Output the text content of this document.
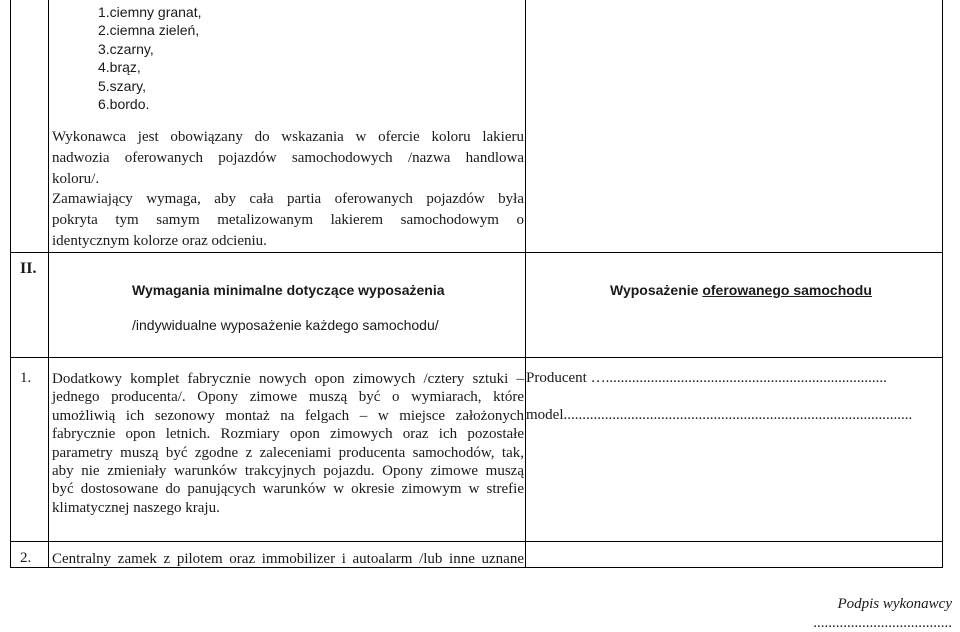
1.ciemny granat,
2.ciemna zieleń,
3.czarny,
4.brąz,
5.szary,
6.bordo.
Wykonawca jest obowiązany do wskazania w ofercie koloru lakieru
nadwozia oferowanych pojazdów samochodowych /nazwa handlowa
koloru/.
Zamawiający wymaga, aby cała partia oferowanych pojazdów była
pokryta tym samym metalizowanym lakierem samochodowym o
identycznym kolorze oraz odcieniu.
II.
Wymagania minimalne dotyczące wyposażenia
/indywidualne wyposażenie każdego samochodu/
Wyposażenie oferowanego samochodu
1. Dodatkowy komplet fabrycznie nowych opon zimowych /cztery sztuki –
jednego producenta/. Opony zimowe muszą być o wymiarach, które
umożliwią ich sezonowy montaż na felgach – w miejsce założonych
fabrycznie opon letnich. Rozmiary opon zimowych oraz ich pozostałe
parametry muszą być zgodne z zaleceniami producenta samochodów, tak,
aby nie zmieniały warunków trakcyjnych pojazdu. Opony zimowe muszą
być dostosowane do panujących warunków w okresie zimowym w strefie
klimatycznej naszego kraju.
Producent …...........................................................................
model.............................................................................................
2. Centralny zamek z pilotem oraz immobilizer i autoalarm /lub inne uznane
Podpis wykonawcy
.....................................
